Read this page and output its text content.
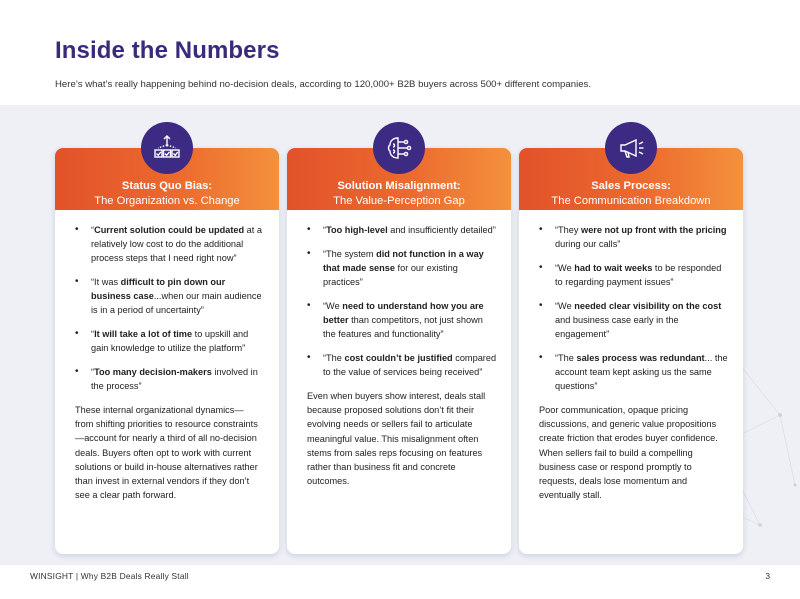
Inside the Numbers
Here’s what’s really happening behind no-decision deals, according to 120,000+ B2B buyers across 500+ different companies.
Status Quo Bias:
The Organization vs. Change
• “Current solution could be updated at a relatively low cost to do the additional process steps that I need right now”
• “It was difficult to pin down our business case...when our main audience is in a period of uncertainty”
• “It will take a lot of time to upskill and gain knowledge to utilize the platform”
• “Too many decision-makers involved in the process”

These internal organizational dynamics—from shifting priorities to resource constraints—account for nearly a third of all no-decision deals. Buyers often opt to work with current solutions or build in-house alternatives rather than invest in external vendors if they don’t see a clear path forward.

Solution Misalignment:
The Value-Perception Gap
• “Too high-level and insufficiently detailed”
• “The system did not function in a way that made sense for our existing practices”
• “We need to understand how you are better than competitors, not just shown the features and functionality”
• “The cost couldn’t be justified compared to the value of services being received”

Even when buyers show interest, deals stall because proposed solutions don’t fit their evolving needs or sellers fail to articulate meaningful value. This misalignment often stems from sales reps focusing on features rather than business fit and concrete outcomes.

Sales Process:
The Communication Breakdown
• “They were not up front with the pricing during our calls”
• “We had to wait weeks to be responded to regarding payment issues”
• “We needed clear visibility on the cost and business case early in the engagement”
• “The sales process was redundant... the account team kept asking us the same questions”

Poor communication, opaque pricing discussions, and generic value propositions create friction that erodes buyer confidence. When sellers fail to build a compelling business case or respond promptly to requests, deals lose momentum and eventually stall.

WINSIGHT | Why B2B Deals Really Stall	3
